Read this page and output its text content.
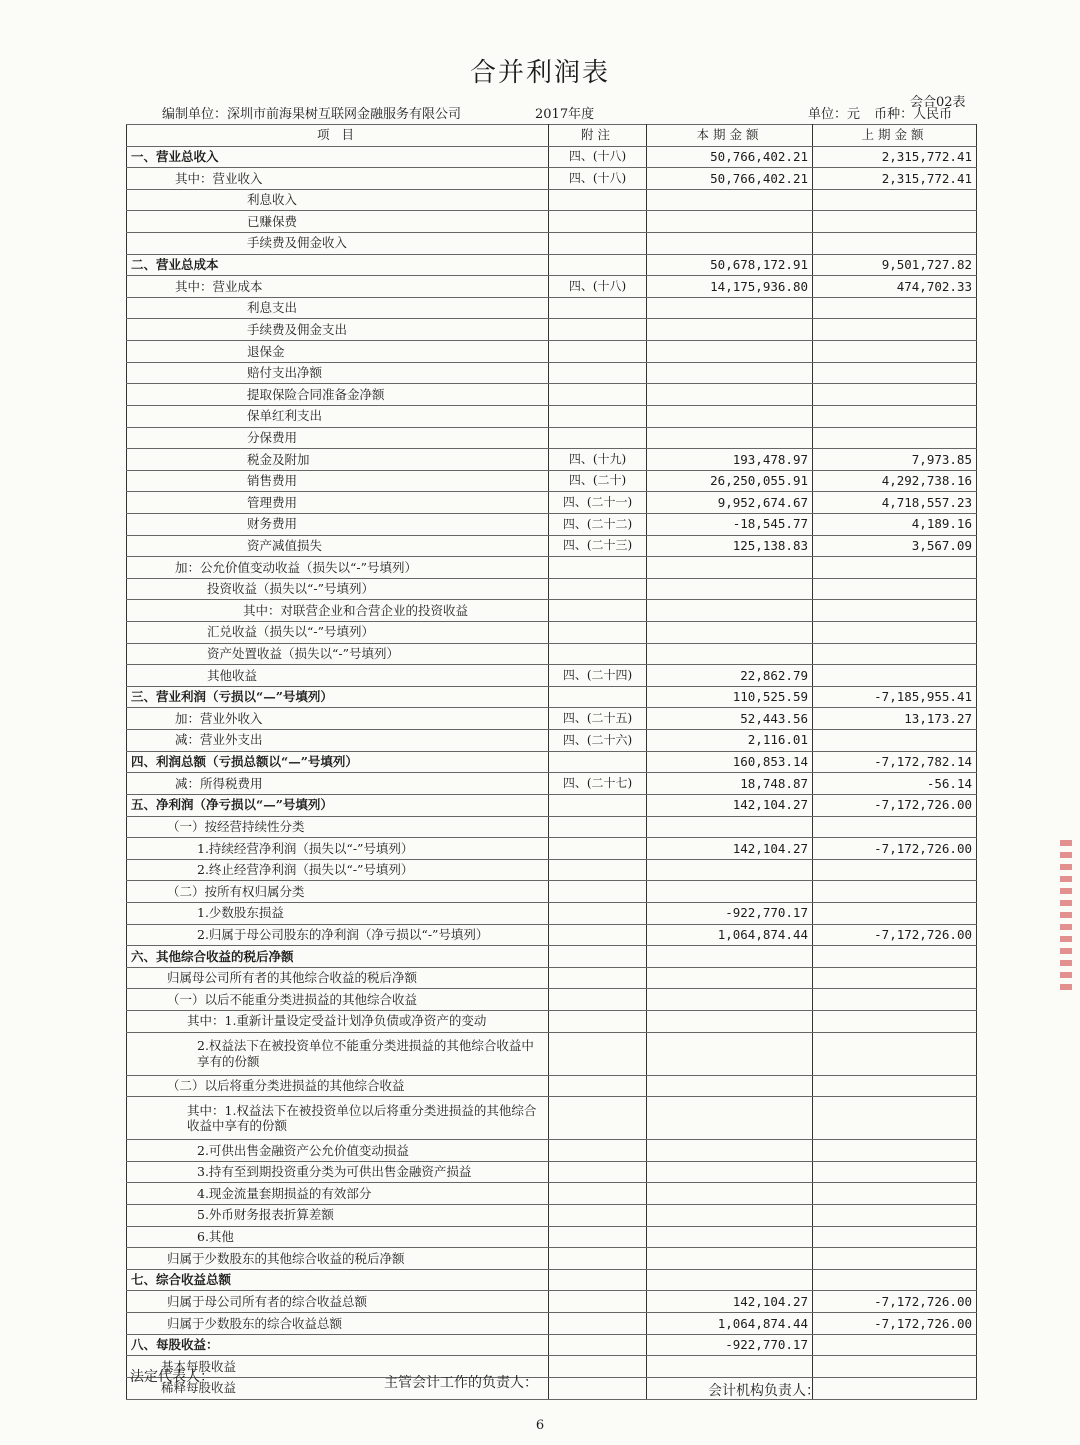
合并利润表
会合02表
编制单位：深圳市前海果树互联网金融服务有限公司	2017年度	单位：元 币种：人民币
项 目	附注	本期金额	上期金额
一、营业总收入	四、(十八)	50,766,402.21	2,315,772.41
其中：营业收入	四、(十八)	50,766,402.21	2,315,772.41
利息收入			
已赚保费			
手续费及佣金收入			
二、营业总成本		50,678,172.91	9,501,727.82
其中：营业成本	四、(十八)	14,175,936.80	474,702.33
利息支出			
手续费及佣金支出			
退保金			
赔付支出净额			
提取保险合同准备金净额			
保单红利支出			
分保费用			
税金及附加	四、(十九)	193,478.97	7,973.85
销售费用	四、(二十)	26,250,055.91	4,292,738.16
管理费用	四、(二十一)	9,952,674.67	4,718,557.23
财务费用	四、(二十二)	-18,545.77	4,189.16
资产减值损失	四、(二十三)	125,138.83	3,567.09
加：公允价值变动收益（损失以“-”号填列）			
投资收益（损失以“-”号填列）			
其中：对联营企业和合营企业的投资收益			
汇兑收益（损失以“-”号填列）			
资产处置收益（损失以“-”号填列）			
其他收益	四、(二十四)	22,862.79	
三、营业利润（亏损以“—”号填列）		110,525.59	-7,185,955.41
加：营业外收入	四、(二十五)	52,443.56	13,173.27
减：营业外支出	四、(二十六)	2,116.01	
四、利润总额（亏损总额以“—”号填列）		160,853.14	-7,172,782.14
减：所得税费用	四、(二十七)	18,748.87	-56.14
五、净利润（净亏损以“—”号填列）		142,104.27	-7,172,726.00
（一）按经营持续性分类			
1.持续经营净利润（损失以“-”号填列）		142,104.27	-7,172,726.00
2.终止经营净利润（损失以“-”号填列）			
（二）按所有权归属分类			
1.少数股东损益		-922,770.17	
2.归属于母公司股东的净利润（净亏损以“-”号填列）		1,064,874.44	-7,172,726.00
六、其他综合收益的税后净额			
归属母公司所有者的其他综合收益的税后净额			
（一）以后不能重分类进损益的其他综合收益			
其中：1.重新计量设定受益计划净负债或净资产的变动			
2.权益法下在被投资单位不能重分类进损益的其他综合收益中享有的份额			
（二）以后将重分类进损益的其他综合收益			
其中：1.权益法下在被投资单位以后将重分类进损益的其他综合收益中享有的份额			
2.可供出售金融资产公允价值变动损益			
3.持有至到期投资重分类为可供出售金融资产损益			
4.现金流量套期损益的有效部分			
5.外币财务报表折算差额			
6.其他			
归属于少数股东的其他综合收益的税后净额			
七、综合收益总额			
归属于母公司所有者的综合收益总额		142,104.27	-7,172,726.00
归属于少数股东的综合收益总额		1,064,874.44	-7,172,726.00
八、每股收益：		-922,770.17	
基本每股收益			
稀释每股收益			
法定代表人：	主管会计工作的负责人：	会计机构负责人：
6
